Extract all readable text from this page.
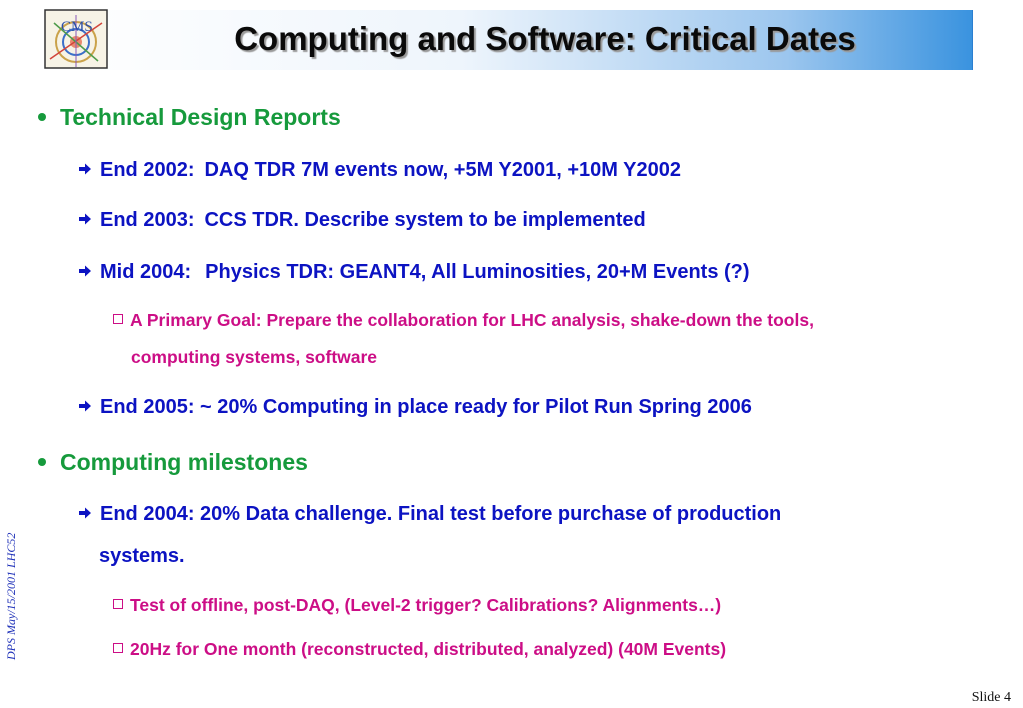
CMS	Computing and Software: Critical Dates
Technical Design Reports
End 2002: DAQ TDR 7M events now, +5M Y2001, +10M Y2002
End 2003: CCS TDR. Describe system to be implemented
Mid 2004: Physics TDR: GEANT4, All Luminosities, 20+M Events (?)
A Primary Goal: Prepare the collaboration for LHC analysis, shake-down the tools,
computing systems, software
End 2005: ~ 20% Computing in place ready for Pilot Run Spring 2006
Computing milestones
End 2004: 20% Data challenge. Final test before purchase of production
systems.
Test of offline, post-DAQ, (Level-2 trigger? Calibrations? Alignments…)
20Hz for One month (reconstructed, distributed, analyzed) (40M Events)
DPS May/15/2001 LHC52
Slide 4
